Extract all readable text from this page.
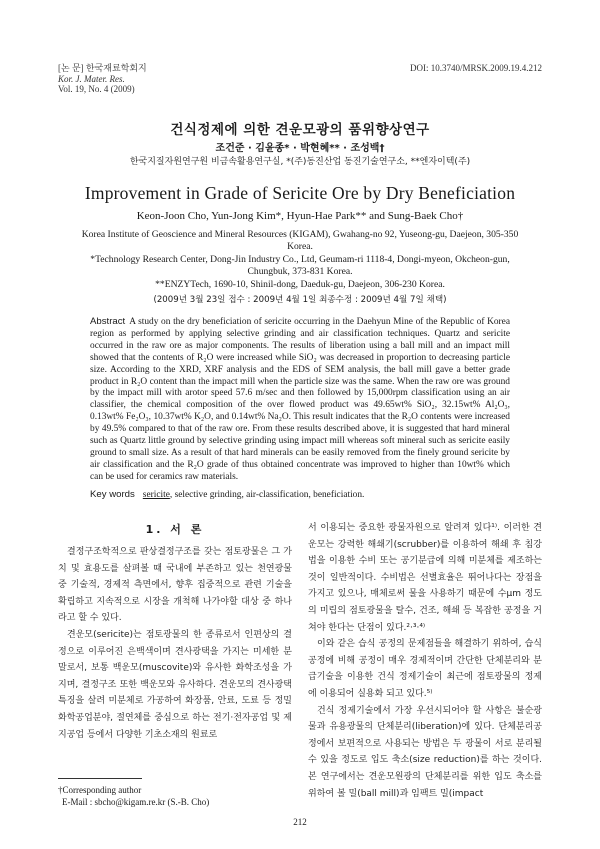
[논 문] 한국재료학회지
Kor. J. Mater. Res.
Vol. 19, No. 4 (2009)
DOI: 10.3740/MRSK.2009.19.4.212
건식정제에 의한 견운모광의 품위향상연구
조건준 · 김윤종* · 박현혜** · 조성백†
한국지질자원연구원 비금속활용연구실, *(주)동진산업 동진기술연구소, **엔자이텍(주)
Improvement in Grade of Sericite Ore by Dry Beneficiation
Keon-Joon Cho, Yun-Jong Kim*, Hyun-Hae Park** and Sung-Baek Cho†
Korea Institute of Geoscience and Mineral Resources (KIGAM), Gwahang-no 92, Yuseong-gu, Daejeon, 305-350 Korea.
*Technology Research Center, Dong-Jin Industry Co., Ltd, Geumam-ri 1118-4, Dongi-myeon, Okcheon-gun,
Chungbuk, 373-831 Korea.
**ENZYTech, 1690-10, Shinil-dong, Daeduk-gu, Daejeon, 306-230 Korea.
(2009년 3월 23일 접수 : 2009년 4월 1일 최종수정 : 2009년 4월 7일 채택)
Abstract A study on the dry beneficiation of sericite occurring in the Daehyun Mine of the Republic of Korea region as performed by applying selective grinding and air classification techniques. Quartz and sericite occurred in the raw ore as major components. The results of liberation using a ball mill and an impact mill showed that the contents of R₂O were increased while SiO₂ was decreased in proportion to decreasing particle size. According to the XRD, XRF analysis and the EDS of SEM analysis, the ball mill gave a better grade product in R₂O content than the impact mill when the particle size was the same. When the raw ore was ground by the impact mill with arotor speed 57.6 m/sec and then followed by 15,000rpm classification using an air classifier, the chemical composition of the over flowed product was 49.65wt% SiO₂, 32.15wt% Al₂O₃, 0.13wt% Fe₂O₃, 10.37wt% K₂O, and 0.14wt% Na₂O. This result indicates that the R₂O contents were increased by 49.5% compared to that of the raw ore. From these results described above, it is suggested that hard mineral such as Quartz little ground by selective grinding using impact mill whereas soft mineral such as sericite easily ground to small size. As a result of that hard minerals can be easily removed from the finely ground sericite by air classification and the R₂O grade of thus obtained concentrate was improved to higher than 10wt% which can be used for ceramics raw materials.
Key words sericite, selective grinding, air-classification, beneficiation.
1. 서 론

결정구조학적으로 판상결정구조를 갖는 점토광물은 그 가치 및 효용도를 살펴볼 때 국내에 부존하고 있는 천연광물 중 기술적, 경제적 측면에서, 향후 집중적으로 관련 기술을 확립하고 지속적으로 시장을 개척해 나가야할 대상 중 하나라고 할 수 있다.

견운모(sericite)는 점토광물의 한 종류로서 인편상의 결정으로 이루어진 은백색이며 견사광택을 가지는 미세한 분말로서, 보통 백운모(muscovite)와 유사한 화학조성을 가지며, 결정구조 또한 백운모와 유사하다. 견운모의 견사광택특징을 살려 미분체로 가공하여 화장품, 안료, 도료 등 정밀화학공업분야, 절연체를 중심으로 하는 전기·전자공업 및 제지공업 등에서 다양한 기초소재의 원료로

서 이용되는 중요한 광물자원으로 알려져 있다¹⁾. 이러한 견운모는 강력한 해쇄기(scrubber)를 이용하여 해쇄 후 침강법을 이용한 수비 또는 공기분급에 의해 미분체를 제조하는 것이 일반적이다. 수비법은 선별효율은 뛰어나다는 장점을 가지고 있으나, 매체로써 물을 사용하기 때문에 수μm 정도의 미립의 점토광물을 탈수, 건조, 해쇄 등 복잡한 공정을 거쳐야 한다는 단점이 있다.²·³·⁴⁾

이와 같은 습식 공정의 문제점들을 해결하기 위하여, 습식 공정에 비해 공정이 매우 경제적이며 간단한 단체분리와 분급기술을 이용한 건식 정제기술이 최근에 점토광물의 정제에 이용되어 실용화 되고 있다.⁵⁾

건식 정제기술에서 가장 우선시되어야 할 사항은 불순광물과 유용광물의 단체분리(liberation)에 있다. 단체분리공정에서 보편적으로 사용되는 방법은 두 광물이 서로 분리될 수 있을 정도로 입도 축소(size reduction)를 하는 것이다. 본 연구에서는 견운모원광의 단체분리를 위한 입도 축소를 위하여 볼 밀(ball mill)과 임팩트 밀(impact

†Corresponding author
E-Mail : sbcho@kigam.re.kr (S.-B. Cho)
212
